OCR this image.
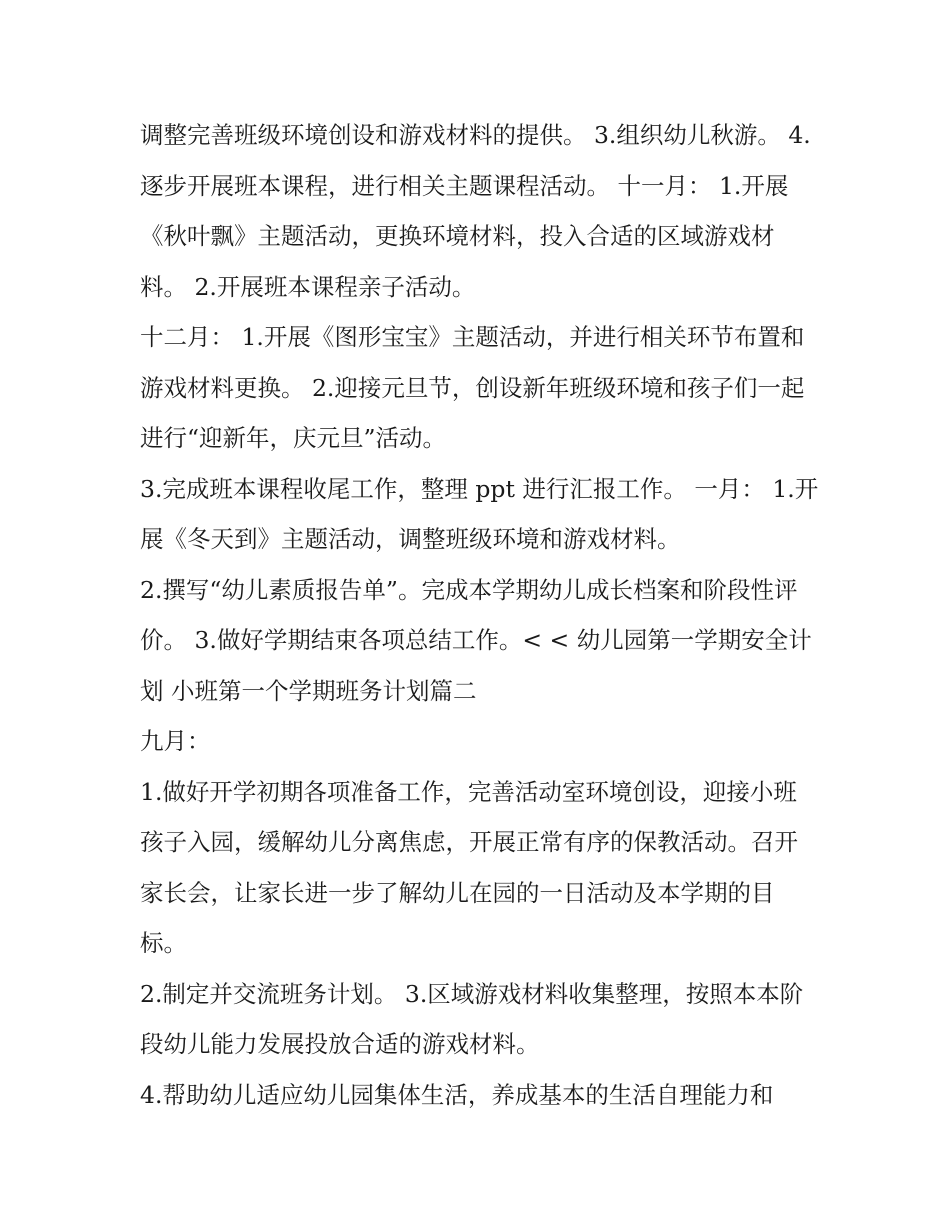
调整完善班级环境创设和游戏材料的提供。 3.组织幼儿秋游。 4.逐步开展班本课程，进行相关主题课程活动。 十一月： 1.开展《秋叶飘》主题活动，更换环境材料，投入合适的区域游戏材料。 2.开展班本课程亲子活动。

十二月： 1.开展《图形宝宝》主题活动，并进行相关环节布置和游戏材料更换。 2.迎接元旦节，创设新年班级环境和孩子们一起进行“迎新年，庆元旦”活动。

3.完成班本课程收尾工作，整理 ppt 进行汇报工作。 一月： 1.开展《冬天到》主题活动，调整班级环境和游戏材料。

2.撰写“幼儿素质报告单”。完成本学期幼儿成长档案和阶段性评价。 3.做好学期结束各项总结工作。< < 幼儿园第一学期安全计划 小班第一个学期班务计划篇二

九月：

1.做好开学初期各项准备工作，完善活动室环境创设，迎接小班孩子入园，缓解幼儿分离焦虑，开展正常有序的保教活动。召开家长会，让家长进一步了解幼儿在园的一日活动及本学期的目标。

2.制定并交流班务计划。 3.区域游戏材料收集整理，按照本本阶段幼儿能力发展投放合适的游戏材料。

4.帮助幼儿适应幼儿园集体生活，养成基本的生活自理能力和
